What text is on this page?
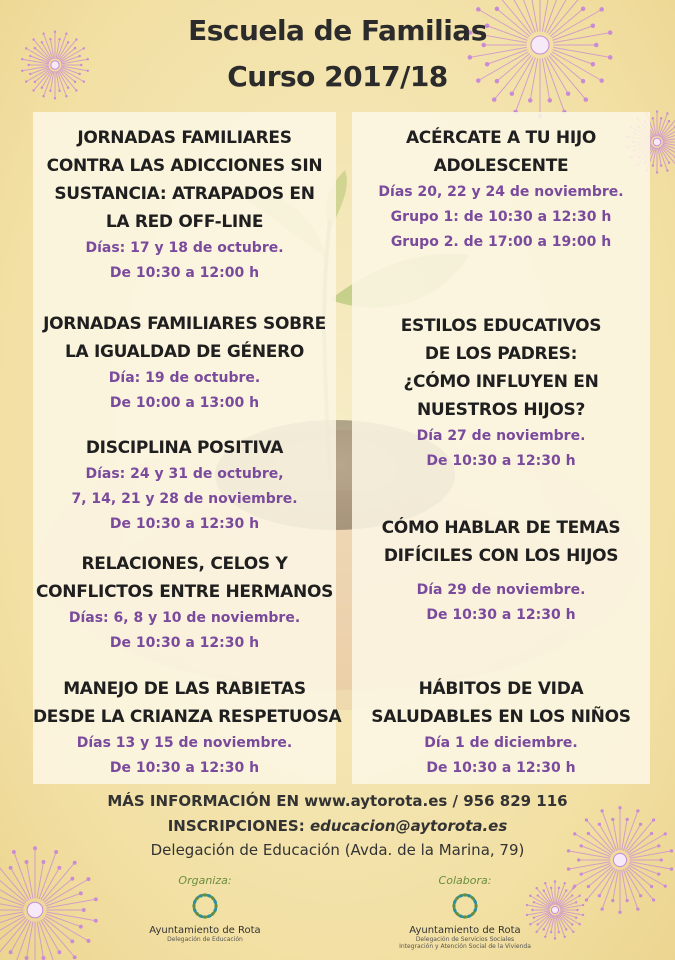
Escuela de Familias
Curso 2017/18
JORNADAS FAMILIARES
CONTRA LAS ADICCIONES SIN
SUSTANCIA: ATRAPADOS EN
LA RED OFF-LINE
Días: 17 y 18 de octubre.
De 10:30 a 12:00 h
JORNADAS FAMILIARES SOBRE
LA IGUALDAD DE GÉNERO
Día: 19 de octubre.
De 10:00 a 13:00 h
DISCIPLINA POSITIVA
Días: 24 y 31 de octubre,
7, 14, 21 y 28 de noviembre.
De 10:30 a 12:30 h
RELACIONES, CELOS Y
CONFLICTOS ENTRE HERMANOS
Días: 6, 8 y 10 de noviembre.
De 10:30 a 12:30 h
MANEJO DE LAS RABIETAS
DESDE LA CRIANZA RESPETUOSA
Días 13 y 15 de noviembre.
De 10:30 a 12:30 h
ACÉRCATE A TU HIJO
ADOLESCENTE
Días 20, 22 y 24 de noviembre.
Grupo 1: de 10:30 a 12:30 h
Grupo 2. de 17:00 a 19:00 h
ESTILOS EDUCATIVOS
DE LOS PADRES:
¿CÓMO INFLUYEN EN
NUESTROS HIJOS?
Día 27 de noviembre.
De 10:30 a 12:30 h
CÓMO HABLAR DE TEMAS
DIFÍCILES CON LOS HIJOS
Día 29 de noviembre.
De 10:30 a 12:30 h
HÁBITOS DE VIDA
SALUDABLES EN LOS NIÑOS
Día 1 de diciembre.
De 10:30 a 12:30 h
MÁS INFORMACIÓN EN www.aytorota.es / 956 829 116
INSCRIPCIONES: educacion@aytorota.es
Delegación de Educación (Avda. de la Marina, 79)
Organiza:
Ayuntamiento de Rota
Delegación de Educación
Colabora:
Ayuntamiento de Rota
Delegación de Servicios Sociales
Integración y Atención Social de la Vivienda
